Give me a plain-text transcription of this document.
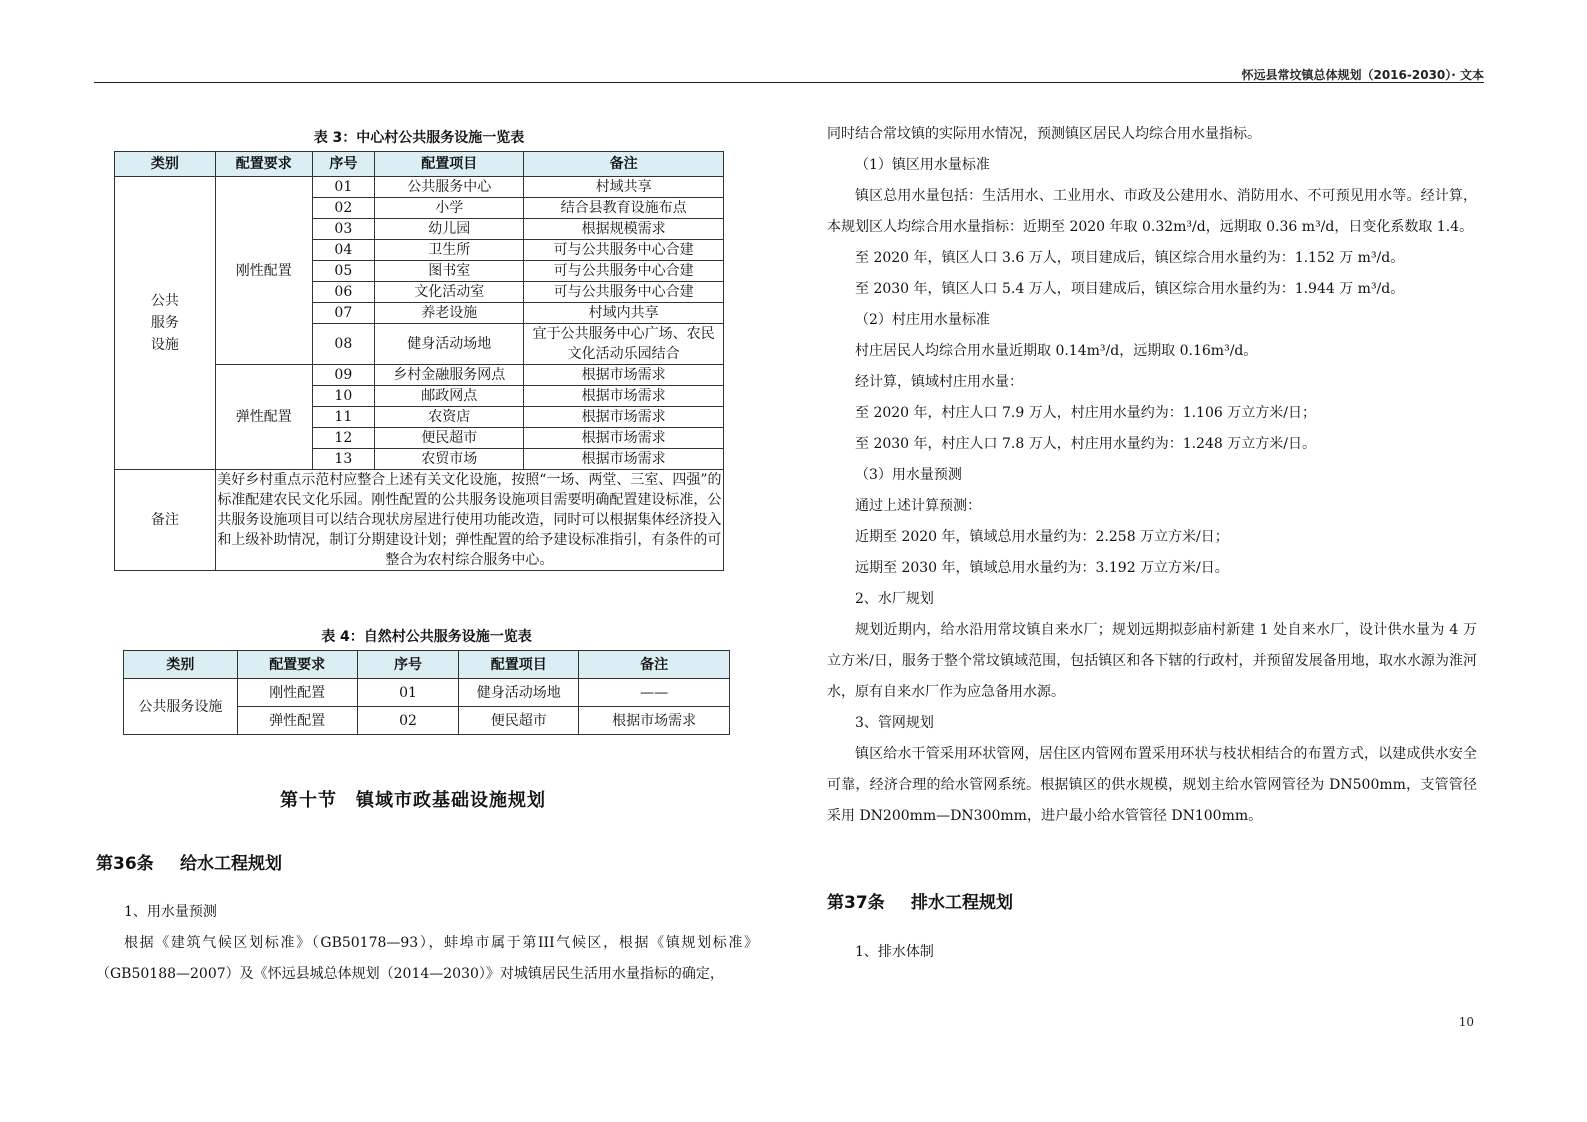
怀远县常坟镇总体规划（2016-2030）· 文本
表 3：中心村公共服务设施一览表
类别	配置要求	序号	配置项目	备注

公共服务设施	刚性配置	01	公共服务中心	村域共享
		02	小学	结合县教育设施布点
		03	幼儿园	根据规模需求
		04	卫生所	可与公共服务中心合建
		05	图书室	可与公共服务中心合建
		06	文化活动室	可与公共服务中心合建
		07	养老设施	村域内共享
		08	健身活动场地	宜于公共服务中心广场、农民文化活动乐园结合
	弹性配置	09	乡村金融服务网点	根据市场需求
		10	邮政网点	根据市场需求
		11	农资店	根据市场需求
		12	便民超市	根据市场需求
		13	农贸市场	根据市场需求
备注	美好乡村重点示范村应整合上述有关文化设施，按照“一场、两堂、三室、四强”的标准配建农民文化乐园。刚性配置的公共服务设施项目需要明确配置建设标准，公共服务设施项目可以结合现状房屋进行使用功能改造，同时可以根据集体经济投入和上级补助情况，制订分期建设计划；弹性配置的给予建设标准指引，有条件的可整合为农村综合服务中心。			
表 4：自然村公共服务设施一览表
类别	配置要求	序号	配置项目	备注
公共服务设施	刚性配置	01	健身活动场地	——
	弹性配置	02	便民超市	根据市场需求
第十节　镇域市政基础设施规划
第36条 给水工程规划

1、用水量预测

根据《建筑气候区划标准》（GB50178—93），蚌埠市属于第III气候区，根据《镇规划标准》（GB50188—2007）及《怀远县城总体规划（2014—2030）》对城镇居民生活用水量指标的确定，

同时结合常坟镇的实际用水情况，预测镇区居民人均综合用水量指标。

（1）镇区用水量标准

镇区总用水量包括：生活用水、工业用水、市政及公建用水、消防用水、不可预见用水等。经计算，本规划区人均综合用水量指标：近期至 2020 年取 0.32m³/d，远期取 0.36 m³/d，日变化系数取 1.4。

至 2020 年，镇区人口 3.6 万人，项目建成后，镇区综合用水量约为：1.152 万 m³/d。

至 2030 年，镇区人口 5.4 万人，项目建成后，镇区综合用水量约为：1.944 万 m³/d。

（2）村庄用水量标准

村庄居民人均综合用水量近期取 0.14m³/d，远期取 0.16m³/d。

经计算，镇域村庄用水量：

至 2020 年，村庄人口 7.9 万人，村庄用水量约为：1.106 万立方米/日；

至 2030 年，村庄人口 7.8 万人，村庄用水量约为：1.248 万立方米/日。

（3）用水量预测

通过上述计算预测：

近期至 2020 年，镇域总用水量约为：2.258 万立方米/日；

远期至 2030 年，镇域总用水量约为：3.192 万立方米/日。

2、水厂规划

规划近期内，给水沿用常坟镇自来水厂；规划远期拟彭庙村新建 1 处自来水厂，设计供水量为 4 万立方米/日，服务于整个常坟镇域范围，包括镇区和各下辖的行政村，并预留发展备用地，取水水源为淮河水，原有自来水厂作为应急备用水源。

3、管网规划

镇区给水干管采用环状管网，居住区内管网布置采用环状与枝状相结合的布置方式，以建成供水安全可靠，经济合理的给水管网系统。根据镇区的供水规模，规划主给水管网管径为 DN500mm，支管管径采用 DN200mm—DN300mm，进户最小给水管管径 DN100mm。

第37条 排水工程规划

1、排水体制

10
